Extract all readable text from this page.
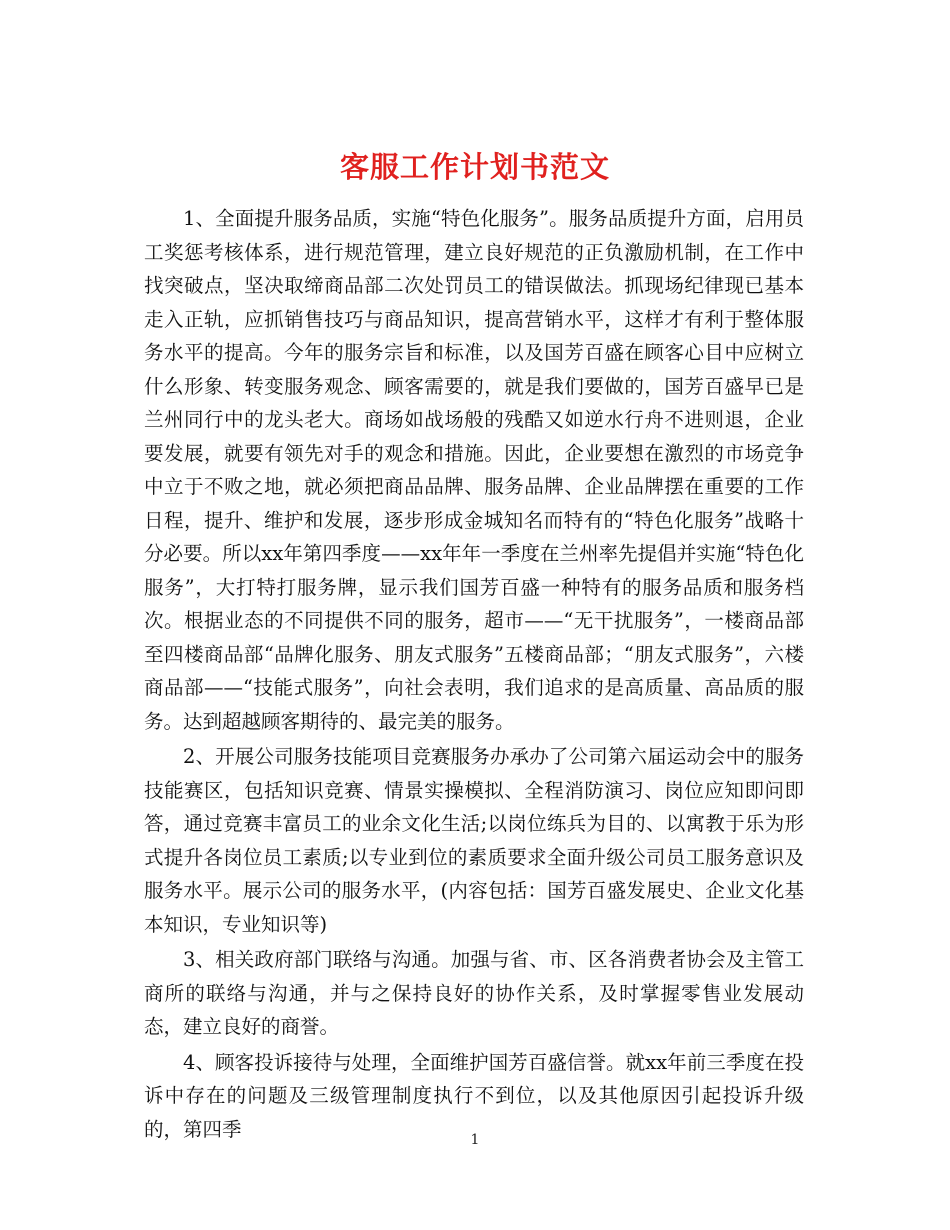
客服工作计划书范文

1、全面提升服务品质，实施“特色化服务”。服务品质提升方面，启用员工奖惩考核体系，进行规范管理，建立良好规范的正负激励机制，在工作中找突破点，坚决取缔商品部二次处罚员工的错误做法。抓现场纪律现已基本走入正轨，应抓销售技巧与商品知识，提高营销水平，这样才有利于整体服务水平的提高。今年的服务宗旨和标准，以及国芳百盛在顾客心目中应树立什么形象、转变服务观念、顾客需要的，就是我们要做的，国芳百盛早已是兰州同行中的龙头老大。商场如战场般的残酷又如逆水行舟不进则退，企业要发展，就要有领先对手的观念和措施。因此，企业要想在激烈的市场竞争中立于不败之地，就必须把商品品牌、服务品牌、企业品牌摆在重要的工作日程，提升、维护和发展，逐步形成金城知名而特有的“特色化服务”战略十分必要。所以xx年第四季度——xx年年一季度在兰州率先提倡并实施“特色化服务”，大打特打服务牌，显示我们国芳百盛一种特有的服务品质和服务档次。根据业态的不同提供不同的服务，超市——“无干扰服务”，一楼商品部至四楼商品部“品牌化服务、朋友式服务”五楼商品部；“朋友式服务”，六楼商品部——“技能式服务”，向社会表明，我们追求的是高质量、高品质的服务。达到超越顾客期待的、最完美的服务。

2、开展公司服务技能项目竞赛服务办承办了公司第六届运动会中的服务技能赛区，包括知识竞赛、情景实操模拟、全程消防演习、岗位应知即问即答，通过竞赛丰富员工的业余文化生活;以岗位练兵为目的、以寓教于乐为形式提升各岗位员工素质;以专业到位的素质要求全面升级公司员工服务意识及服务水平。展示公司的服务水平，(内容包括：国芳百盛发展史、企业文化基本知识，专业知识等)

3、相关政府部门联络与沟通。加强与省、市、区各消费者协会及主管工商所的联络与沟通，并与之保持良好的协作关系，及时掌握零售业发展动态，建立良好的商誉。

4、顾客投诉接待与处理，全面维护国芳百盛信誉。就xx年前三季度在投诉中存在的问题及三级管理制度执行不到位，以及其他原因引起投诉升级的，第四季	1
